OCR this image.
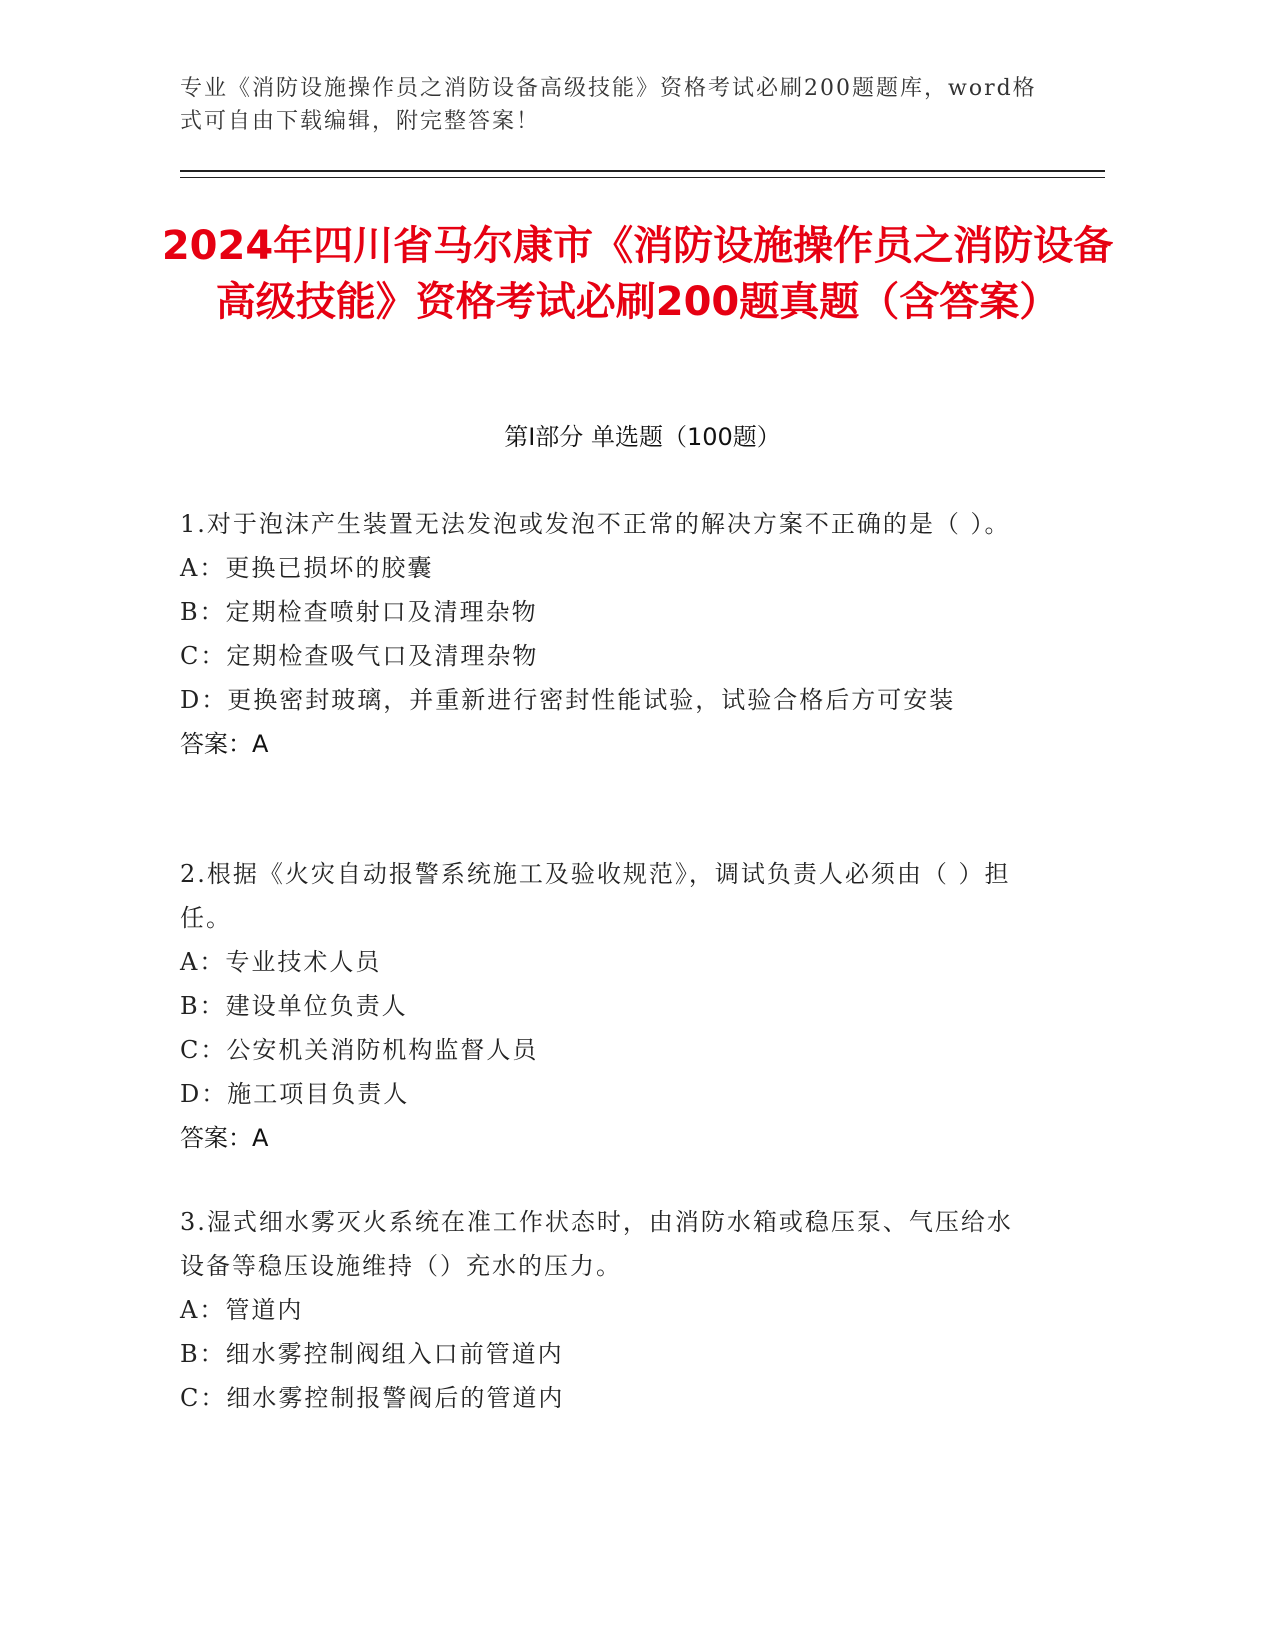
专业《消防设施操作员之消防设备高级技能》资格考试必刷200题题库，word格式可自由下载编辑，附完整答案！
2024年四川省马尔康市《消防设施操作员之消防设备高级技能》资格考试必刷200题真题（含答案）
第Ⅰ部分 单选题（100题）
1.对于泡沫产生装置无法发泡或发泡不正常的解决方案不正确的是（ ）。
A：更换已损坏的胶囊
B：定期检查喷射口及清理杂物
C：定期检查吸气口及清理杂物
D：更换密封玻璃，并重新进行密封性能试验，试验合格后方可安装
答案：A
2.根据《火灾自动报警系统施工及验收规范》，调试负责人必须由（ ）担任。
A：专业技术人员
B：建设单位负责人
C：公安机关消防机构监督人员
D：施工项目负责人
答案：A
3.湿式细水雾灭火系统在准工作状态时，由消防水箱或稳压泵、气压给水设备等稳压设施维持（）充水的压力。
A：管道内
B：细水雾控制阀组入口前管道内
C：细水雾控制报警阀后的管道内
